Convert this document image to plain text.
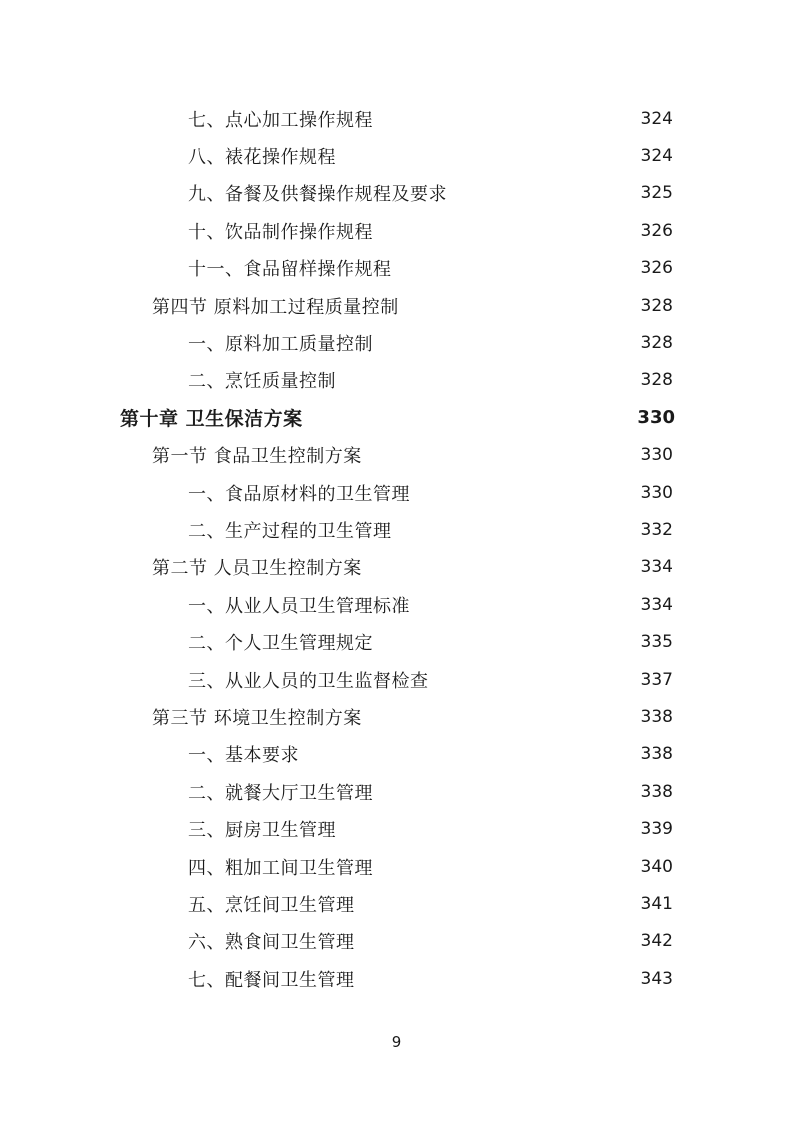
七、点心加工操作规程	324
八、裱花操作规程	324
九、备餐及供餐操作规程及要求	325
十、饮品制作操作规程	326
十一、食品留样操作规程	326
第四节 原料加工过程质量控制	328
一、原料加工质量控制	328
二、烹饪质量控制	328
第十章 卫生保洁方案	330
第一节 食品卫生控制方案	330
一、食品原材料的卫生管理	330
二、生产过程的卫生管理	332
第二节 人员卫生控制方案	334
一、从业人员卫生管理标准	334
二、个人卫生管理规定	335
三、从业人员的卫生监督检查	337
第三节 环境卫生控制方案	338
一、基本要求	338
二、就餐大厅卫生管理	338
三、厨房卫生管理	339
四、粗加工间卫生管理	340
五、烹饪间卫生管理	341
六、熟食间卫生管理	342
七、配餐间卫生管理	343
9
